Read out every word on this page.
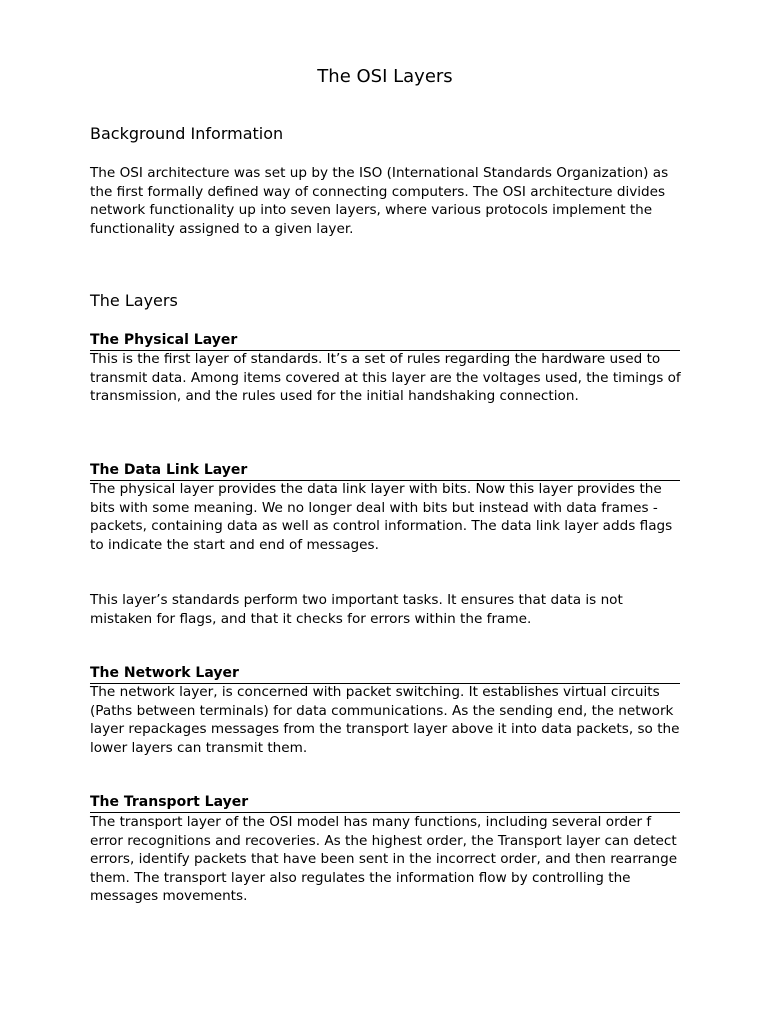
The OSI Layers
Background Information

The OSI architecture was set up by the ISO (International Standards Organization) as the first formally defined way of connecting computers. The OSI architecture divides network functionality up into seven layers, where various protocols implement the functionality assigned to a given layer.

The Layers
The Physical Layer

This is the first layer of standards. It’s a set of rules regarding the hardware used to transmit data. Among items covered at this layer are the voltages used, the timings of transmission, and the rules used for the initial handshaking connection.

The Data Link Layer

The physical layer provides the data link layer with bits. Now this layer provides the bits with some meaning. We no longer deal with bits but instead with data frames - packets, containing data as well as control information. The data link layer adds flags to indicate the start and end of messages.

This layer’s standards perform two important tasks. It ensures that data is not mistaken for flags, and that it checks for errors within the frame.

The Network Layer

The network layer, is concerned with packet switching. It establishes virtual circuits (Paths between terminals) for data communications. As the sending end, the network layer repackages messages from the transport layer above it into data packets, so the lower layers can transmit them.

The Transport Layer

The transport layer of the OSI model has many functions, including several order f error recognitions and recoveries. As the highest order, the Transport layer can detect errors, identify packets that have been sent in the incorrect order, and then rearrange them. The transport layer also regulates the information flow by controlling the messages movements.
